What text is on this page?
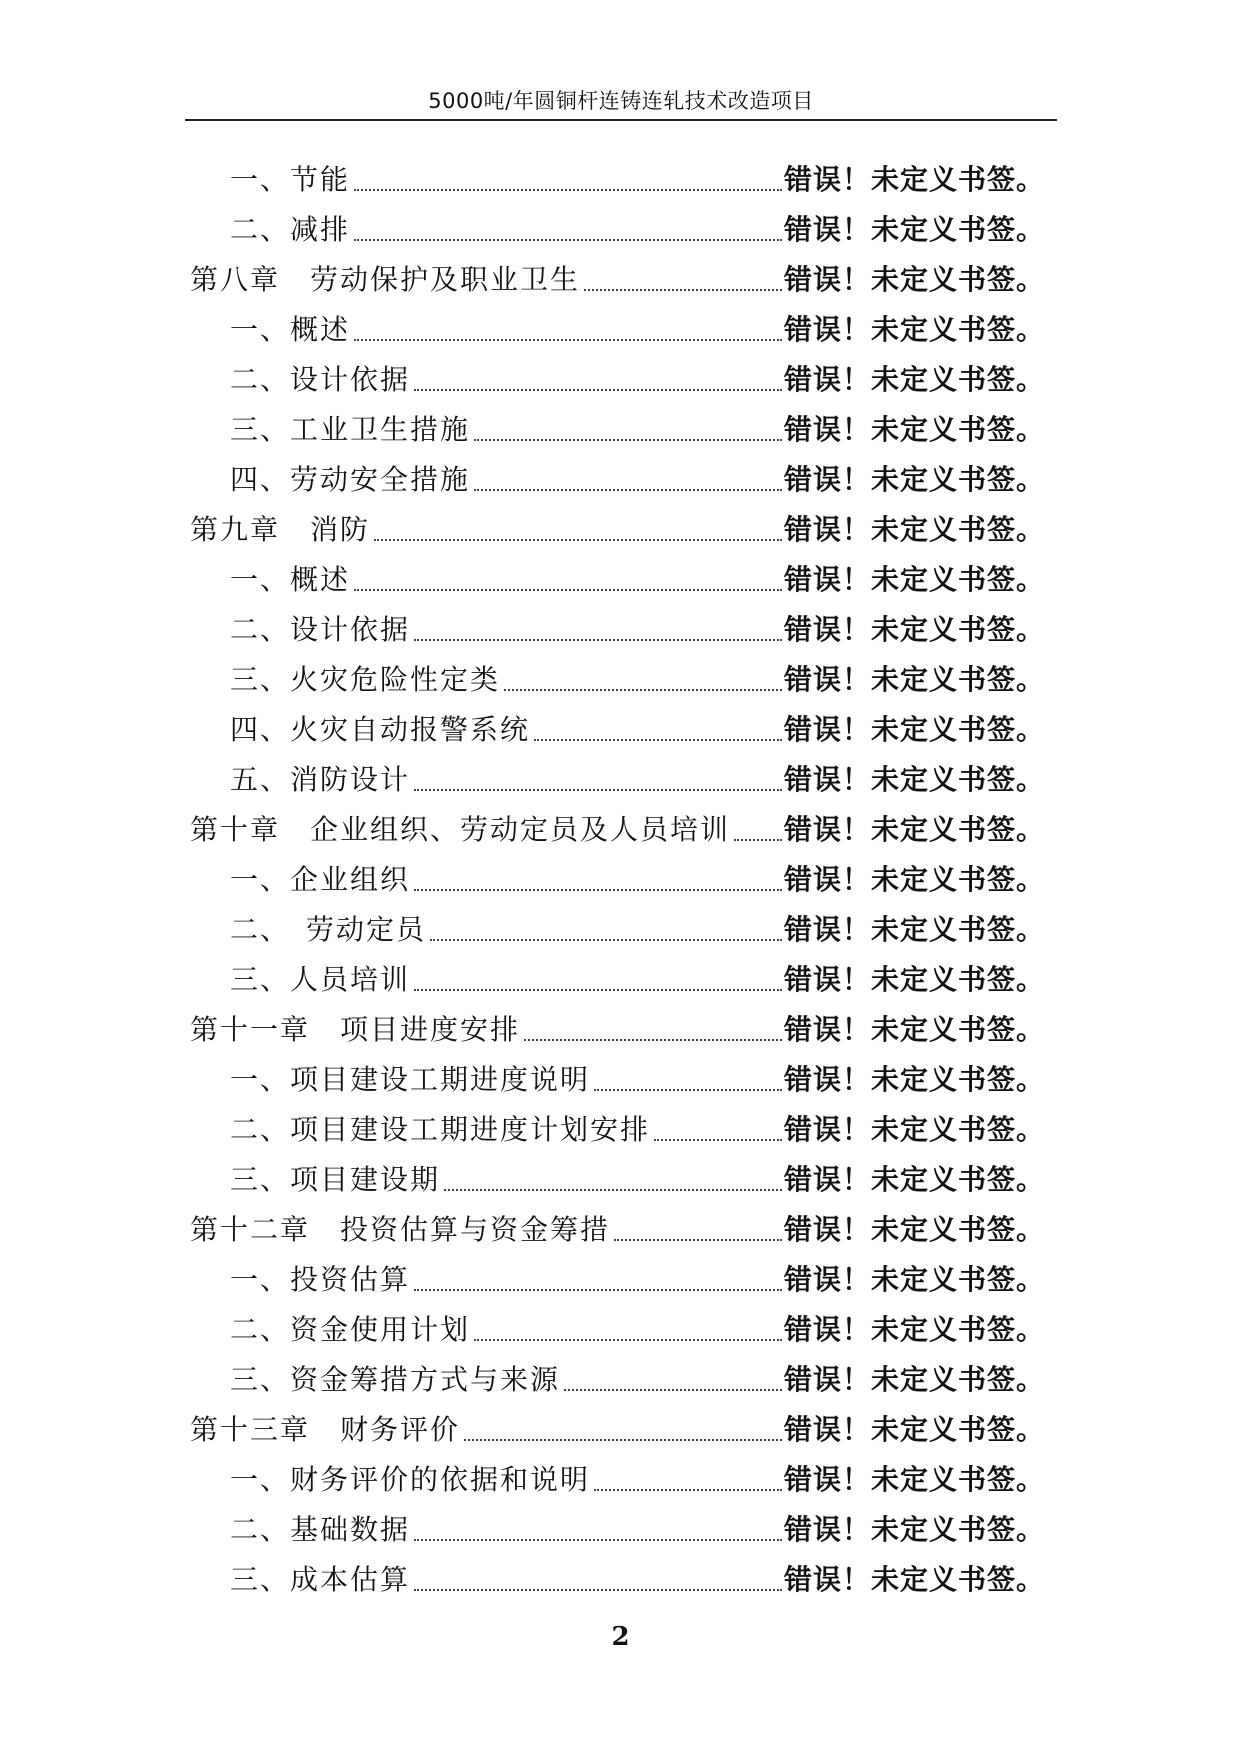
5000吨/年圆铜杆连铸连轧技术改造项目
一、节能	错误！未定义书签。
二、减排	错误！未定义书签。
第八章　劳动保护及职业卫生	错误！未定义书签。
一、概述	错误！未定义书签。
二、设计依据	错误！未定义书签。
三、工业卫生措施	错误！未定义书签。
四、劳动安全措施	错误！未定义书签。
第九章　消防	错误！未定义书签。
一、概述	错误！未定义书签。
二、设计依据	错误！未定义书签。
三、火灾危险性定类	错误！未定义书签。
四、火灾自动报警系统	错误！未定义书签。
五、消防设计	错误！未定义书签。
第十章　企业组织、劳动定员及人员培训 错误！未定义书签。
一、企业组织	错误！未定义书签。
二、　劳动定员	错误！未定义书签。
三、人员培训	错误！未定义书签。
第十一章　项目进度安排	错误！未定义书签。
一、项目建设工期进度说明	错误！未定义书签。
二、项目建设工期进度计划安排	错误！未定义书签。
三、项目建设期	错误！未定义书签。
第十二章　投资估算与资金筹措	错误！未定义书签。
一、投资估算	错误！未定义书签。
二、资金使用计划	错误！未定义书签。
三、资金筹措方式与来源	错误！未定义书签。
第十三章　财务评价	错误！未定义书签。
一、财务评价的依据和说明	错误！未定义书签。
二、基础数据	错误！未定义书签。
三、成本估算	错误！未定义书签。
2
